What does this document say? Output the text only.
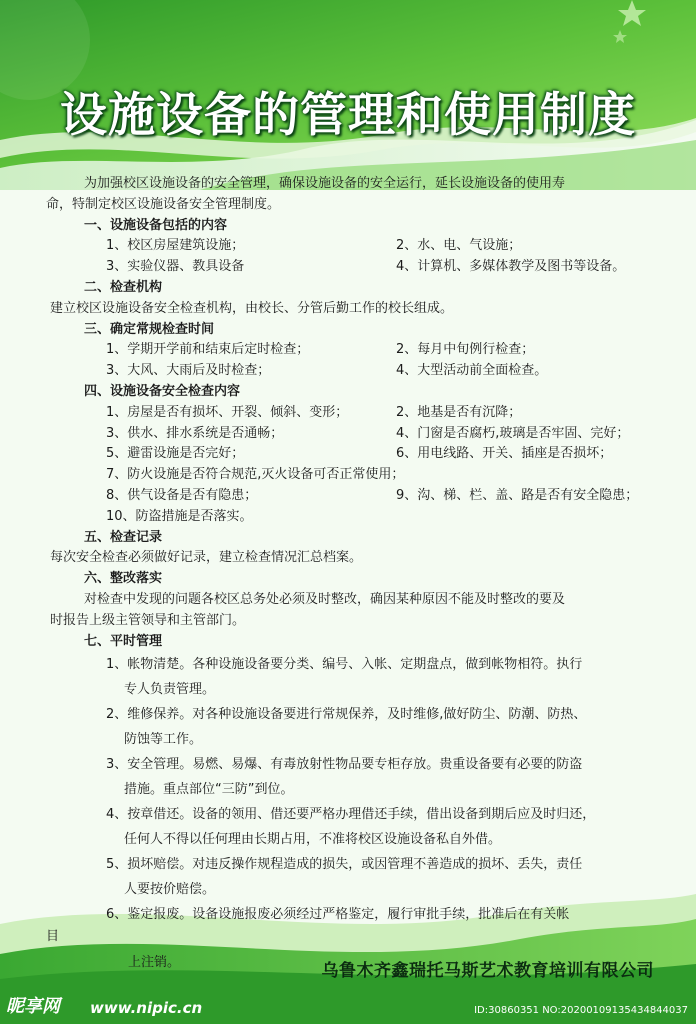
设施设备的管理和使用制度

为加强校区设施设备的安全管理，确保设施设备的安全运行，延长设施设备的使用寿

命，特制定校区设施设备安全管理制度。

一、设施设备包括的内容

1、校区房屋建筑设施；	2、水、电、气设施；
3、实验仪器、教具设备	4、计算机、多媒体教学及图书等设备。

二、检查机构

建立校区设施设备安全检查机构，由校长、分管后勤工作的校长组成。

三、确定常规检查时间

1、学期开学前和结束后定时检查；	2、每月中旬例行检查；
3、大风、大雨后及时检查；	4、大型活动前全面检查。

四、设施设备安全检查内容

1、房屋是否有损坏、开裂、倾斜、变形；	2、地基是否有沉降；
3、供水、排水系统是否通畅；	4、门窗是否腐朽,玻璃是否牢固、完好；
5、避雷设施是否完好；	6、用电线路、开关、插座是否损坏；

7、防火设施是否符合规范,灭火设备可否正常使用；

8、供气设备是否有隐患；	9、沟、梯、栏、盖、路是否有安全隐患；

10、防盗措施是否落实。

五、检查记录

每次安全检查必须做好记录，建立检查情况汇总档案。

六、整改落实

对检查中发现的问题各校区总务处必须及时整改，确因某种原因不能及时整改的要及

时报告上级主管领导和主管部门。

七、平时管理

1、帐物清楚。各种设施设备要分类、编号、入帐、定期盘点，做到帐物相符。执行

专人负责管理。

2、维修保养。对各种设施设备要进行常规保养，及时维修,做好防尘、防潮、防热、

防蚀等工作。

3、安全管理。易燃、易爆、有毒放射性物品要专柜存放。贵重设备要有必要的防盗

措施。重点部位“三防”到位。

4、按章借还。设备的领用、借还要严格办理借还手续，借出设备到期后应及时归还，

任何人不得以任何理由长期占用，不准将校区设施设备私自外借。

5、损坏赔偿。对违反操作规程造成的损失，或因管理不善造成的损坏、丢失，责任

人要按价赔偿。

6、鉴定报废。设备设施报废必须经过严格鉴定，履行审批手续，批准后在有关帐

目

上注销。	乌鲁木齐鑫瑞托马斯艺术教育培训有限公司
昵享网 www.nipic.cn	ID:30860351 NO:20200109135434844037
